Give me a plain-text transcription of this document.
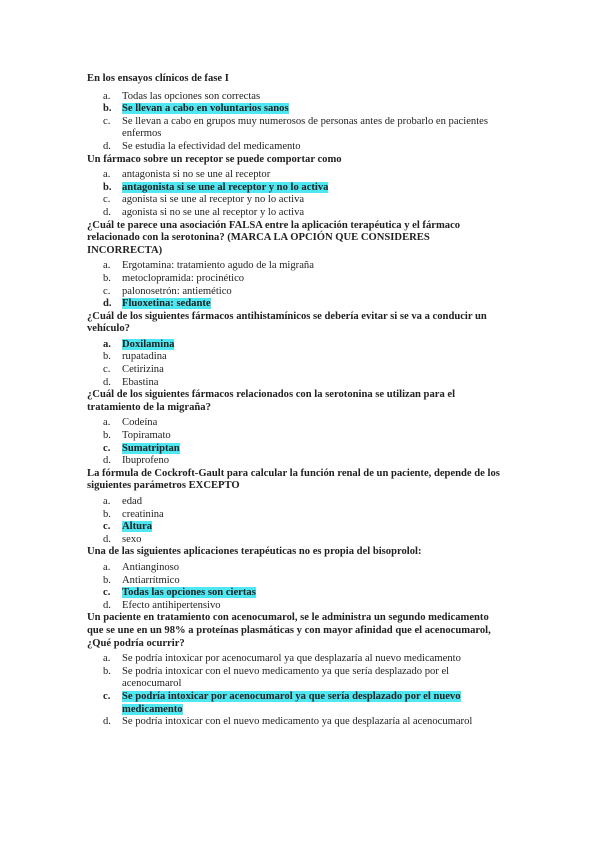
En los ensayos clínicos de fase I

a. Todas las opciones son correctas
b. Se llevan a cabo en voluntarios sanos
c. Se llevan a cabo en grupos muy numerosos de personas antes de probarlo en pacientes enfermos
d. Se estudia la efectividad del medicamento

Un fármaco sobre un receptor se puede comportar como

a. antagonista si no se une al receptor
b. antagonista si se une al receptor y no lo activa
c. agonista si se une al receptor y no lo activa
d. agonista si no se une al receptor y lo activa

¿Cuál te parece una asociación FALSA entre la aplicación terapéutica y el fármaco relacionado con la serotonina? (MARCA LA OPCIÓN QUE CONSIDERES INCORRECTA)

a. Ergotamina: tratamiento agudo de la migraña
b. metoclopramida: procinético
c. palonosetrón: antiemético
d. Fluoxetina: sedante

¿Cuál de los siguientes fármacos antihistamínicos se debería evitar si se va a conducir un vehículo?

a. Doxilamina
b. rupatadina
c. Cetirizina
d. Ebastina

¿Cuál de los siguientes fármacos relacionados con la serotonina se utilizan para el tratamiento de la migraña?

a. Codeína
b. Topiramato
c. Sumatriptan
d. Ibuprofeno

La fórmula de Cockroft-Gault para calcular la función renal de un paciente, depende de los siguientes parámetros EXCEPTO

a. edad
b. creatinina
c. Altura
d. sexo

Una de las siguientes aplicaciones terapéuticas no es propia del bisoprolol:

a. Antianginoso
b. Antiarrítmico
c. Todas las opciones son ciertas
d. Efecto antihipertensivo

Un paciente en tratamiento con acenocumarol, se le administra un segundo medicamento que se une en un 98% a proteínas plasmáticas y con mayor afinidad que el acenocumarol, ¿Qué podría ocurrir?

a. Se podría intoxicar por acenocumarol ya que desplazaría al nuevo medicamento
b. Se podría intoxicar con el nuevo medicamento ya que sería desplazado por el acenocumarol
c. Se podría intoxicar por acenocumarol ya que sería desplazado por el nuevo medicamento
d. Se podría intoxicar con el nuevo medicamento ya que desplazaría al acenocumarol
